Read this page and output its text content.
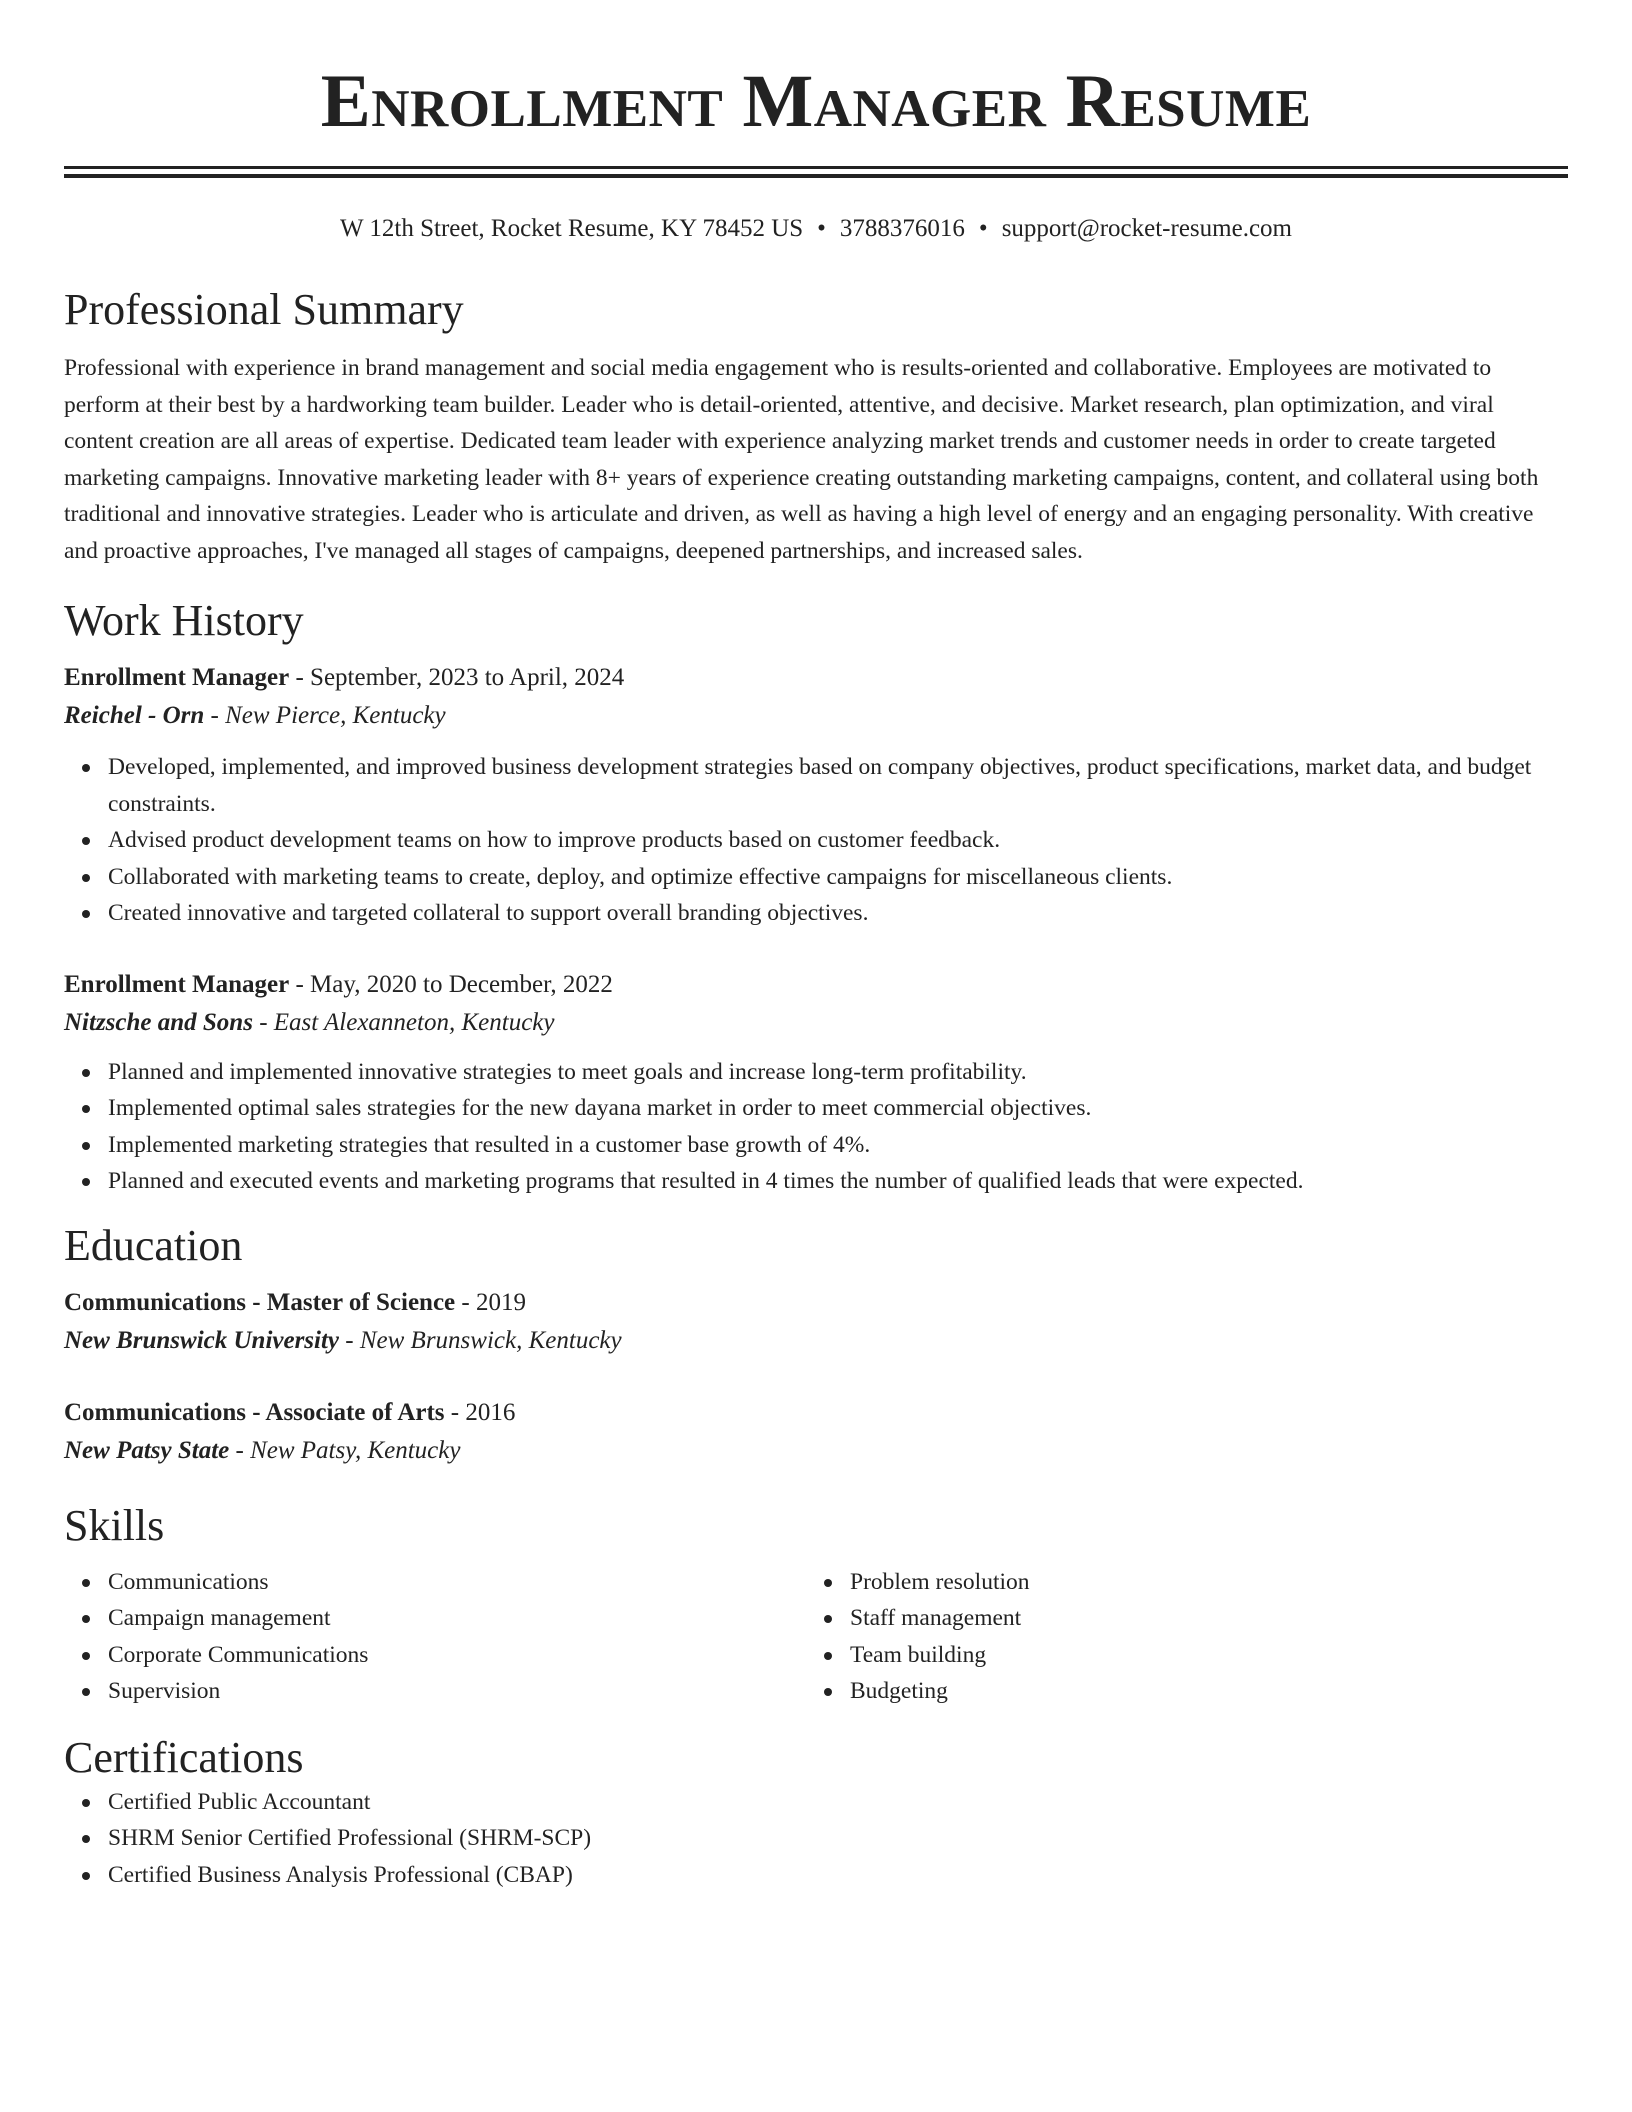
Enrollment Manager Resume
W 12th Street, Rocket Resume, KY 78452 US • 3788376016 • support@rocket-resume.com
Professional Summary
Professional with experience in brand management and social media engagement who is results-oriented and collaborative. Employees are motivated to perform at their best by a hardworking team builder. Leader who is detail-oriented, attentive, and decisive. Market research, plan optimization, and viral content creation are all areas of expertise. Dedicated team leader with experience analyzing market trends and customer needs in order to create targeted marketing campaigns. Innovative marketing leader with 8+ years of experience creating outstanding marketing campaigns, content, and collateral using both traditional and innovative strategies. Leader who is articulate and driven, as well as having a high level of energy and an engaging personality. With creative and proactive approaches, I've managed all stages of campaigns, deepened partnerships, and increased sales.
Work History
Enrollment Manager - September, 2023 to April, 2024
Reichel - Orn - New Pierce, Kentucky
Developed, implemented, and improved business development strategies based on company objectives, product specifications, market data, and budget constraints.
Advised product development teams on how to improve products based on customer feedback.
Collaborated with marketing teams to create, deploy, and optimize effective campaigns for miscellaneous clients.
Created innovative and targeted collateral to support overall branding objectives.
Enrollment Manager - May, 2020 to December, 2022
Nitzsche and Sons - East Alexanneton, Kentucky
Planned and implemented innovative strategies to meet goals and increase long-term profitability.
Implemented optimal sales strategies for the new dayana market in order to meet commercial objectives.
Implemented marketing strategies that resulted in a customer base growth of 4%.
Planned and executed events and marketing programs that resulted in 4 times the number of qualified leads that were expected.
Education
Communications - Master of Science - 2019
New Brunswick University - New Brunswick, Kentucky
Communications - Associate of Arts - 2016
New Patsy State - New Patsy, Kentucky
Skills
Communications
Campaign management
Corporate Communications
Supervision
Problem resolution
Staff management
Team building
Budgeting
Certifications
Certified Public Accountant
SHRM Senior Certified Professional (SHRM-SCP)
Certified Business Analysis Professional (CBAP)
